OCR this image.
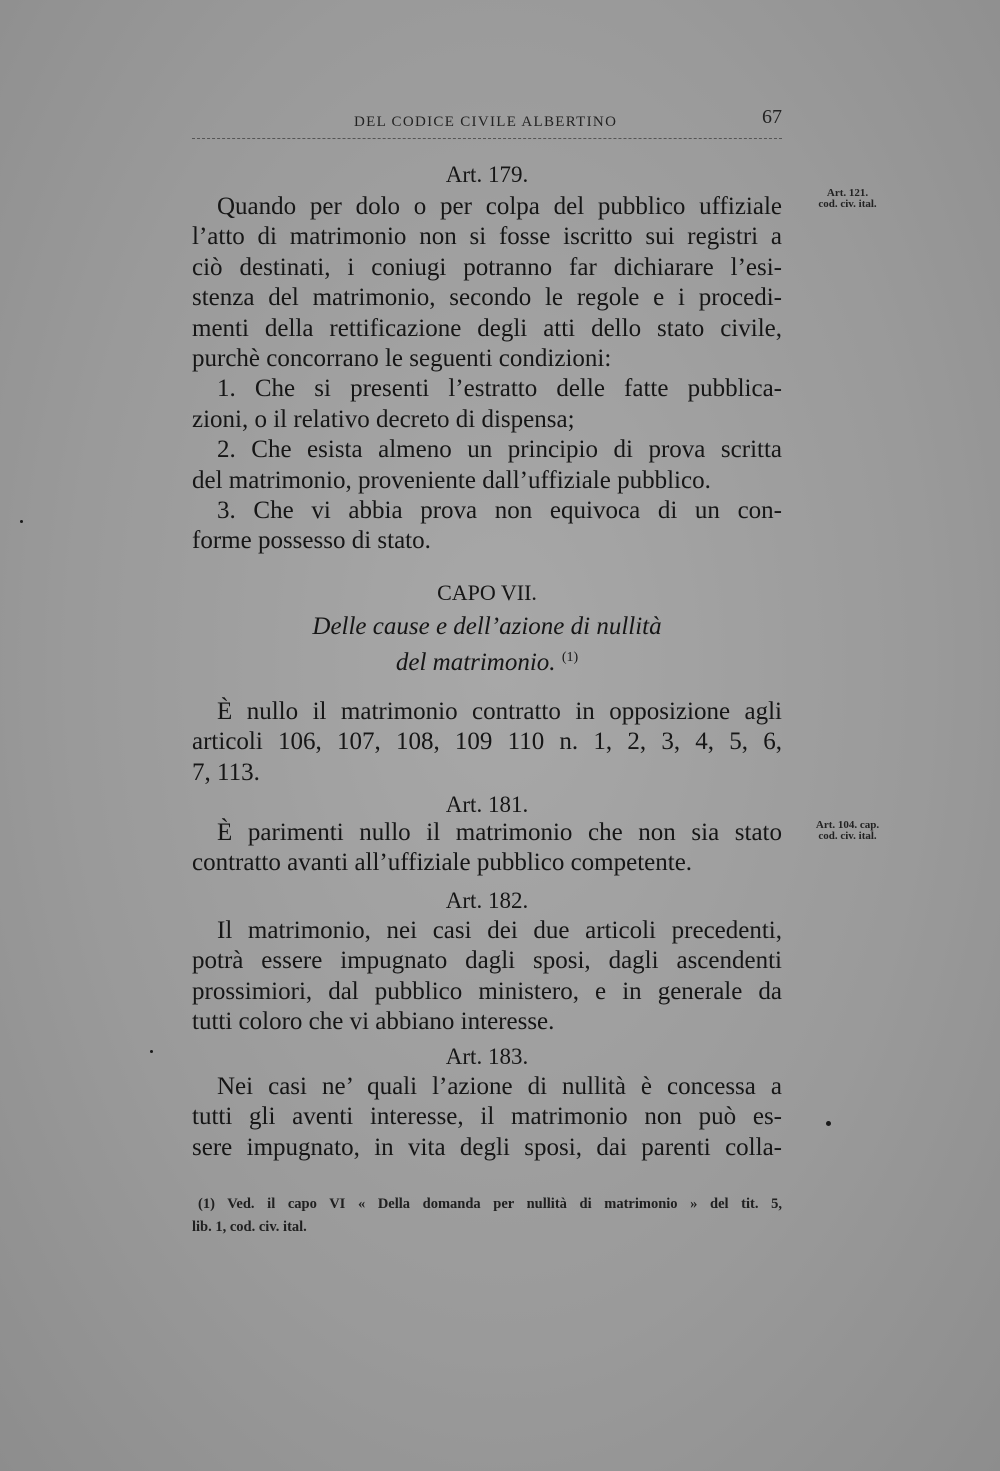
DEL CODICE CIVILE ALBERTINO	67
Art. 179.
Art. 121.
cod. civ. ital.
Quando per dolo o per colpa del pubblico uffiziale
l’atto di matrimonio non si fosse iscritto sui registri a
ciò destinati, i coniugi potranno far dichiarare l’esi-
stenza del matrimonio, secondo le regole e i procedi-
menti della rettificazione degli atti dello stato civile,
purchè concorrano le seguenti condizioni:
1. Che si presenti l’estratto delle fatte pubblica-
zioni, o il relativo decreto di dispensa;
2. Che esista almeno un principio di prova scritta
del matrimonio, proveniente dall’uffiziale pubblico.
3. Che vi abbia prova non equivoca di un con-
forme possesso di stato.
CAPO VII.
Delle cause e dell’azione di nullità
del matrimonio. $^{(1)}$
È nullo il matrimonio contratto in opposizione agli
articoli 106, 107, 108, 109 110 n. 1, 2, 3, 4, 5, 6,
7, 113.
Art. 181.
Art. 104. cap.
cod. civ. ital.
È parimenti nullo il matrimonio che non sia stato
contratto avanti all’uffiziale pubblico competente.
Art. 182.
Il matrimonio, nei casi dei due articoli precedenti,
potrà essere impugnato dagli sposi, dagli ascendenti
prossimiori, dal pubblico ministero, e in generale da
tutti coloro che vi abbiano interesse.
Art. 183.
Nei casi ne’ quali l’azione di nullità è concessa a
tutti gli aventi interesse, il matrimonio non può es-
sere impugnato, in vita degli sposi, dai parenti colla-
(1) Ved. il capo VI « Della domanda per nullità di matrimonio » del tit. 5,
lib. 1, cod. civ. ital.
